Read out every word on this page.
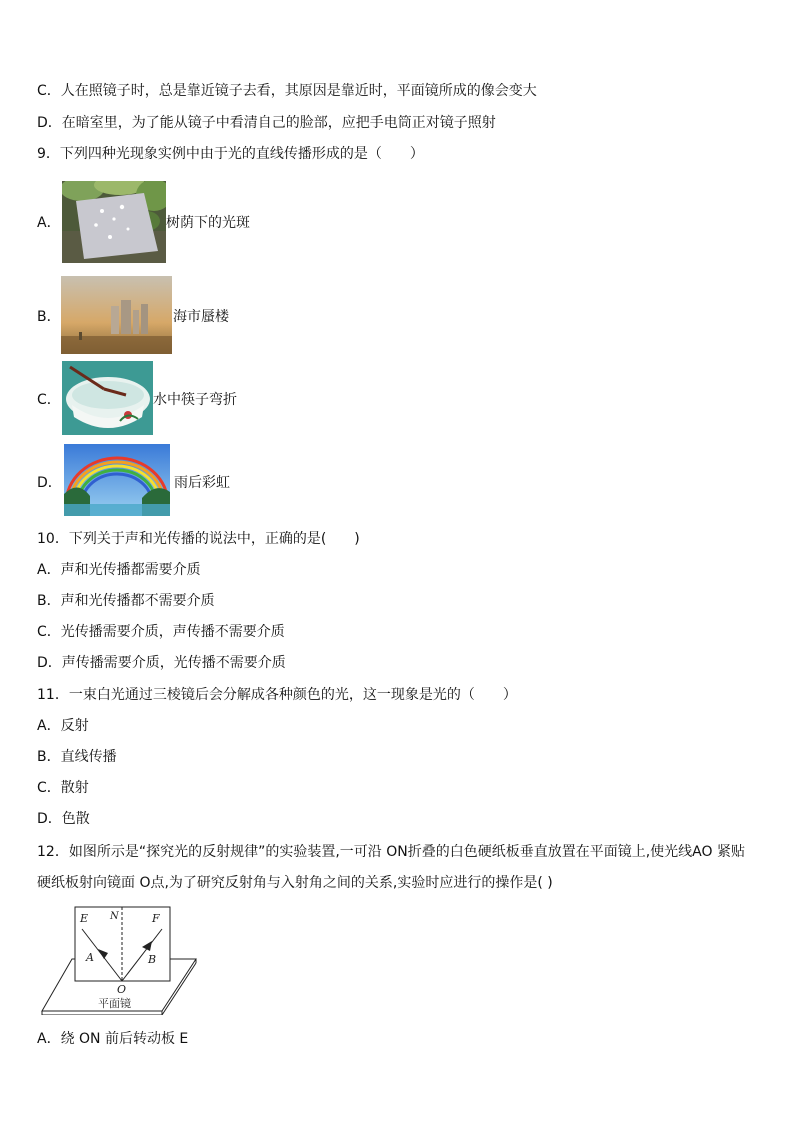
C．人在照镜子时，总是靠近镜子去看，其原因是靠近时，平面镜所成的像会变大
D．在暗室里，为了能从镜子中看清自己的脸部，应把手电筒正对镜子照射
9．下列四种光现象实例中由于光的直线传播形成的是（　　）
A．	树荫下的光斑
B．	海市蜃楼
C．	水中筷子弯折
D．	雨后彩虹
10．下列关于声和光传播的说法中，正确的是(　　)
A．声和光传播都需要介质
B．声和光传播都不需要介质
C．光传播需要介质，声传播不需要介质
D．声传播需要介质，光传播不需要介质
11．一束白光通过三棱镜后会分解成各种颜色的光，这一现象是光的（　　）
A．反射
B．直线传播
C．散射
D．色散
12．如图所示是“探究光的反射规律”的实验装置,一可沿 ON折叠的白色硬纸板垂直放置在平面镜上,使光线AO 紧贴
硬纸板射向镜面 O点,为了研究反射角与入射角之间的关系,实验时应进行的操作是( )
E N	F
A	B
O
平面镜
A．绕 ON 前后转动板 E
